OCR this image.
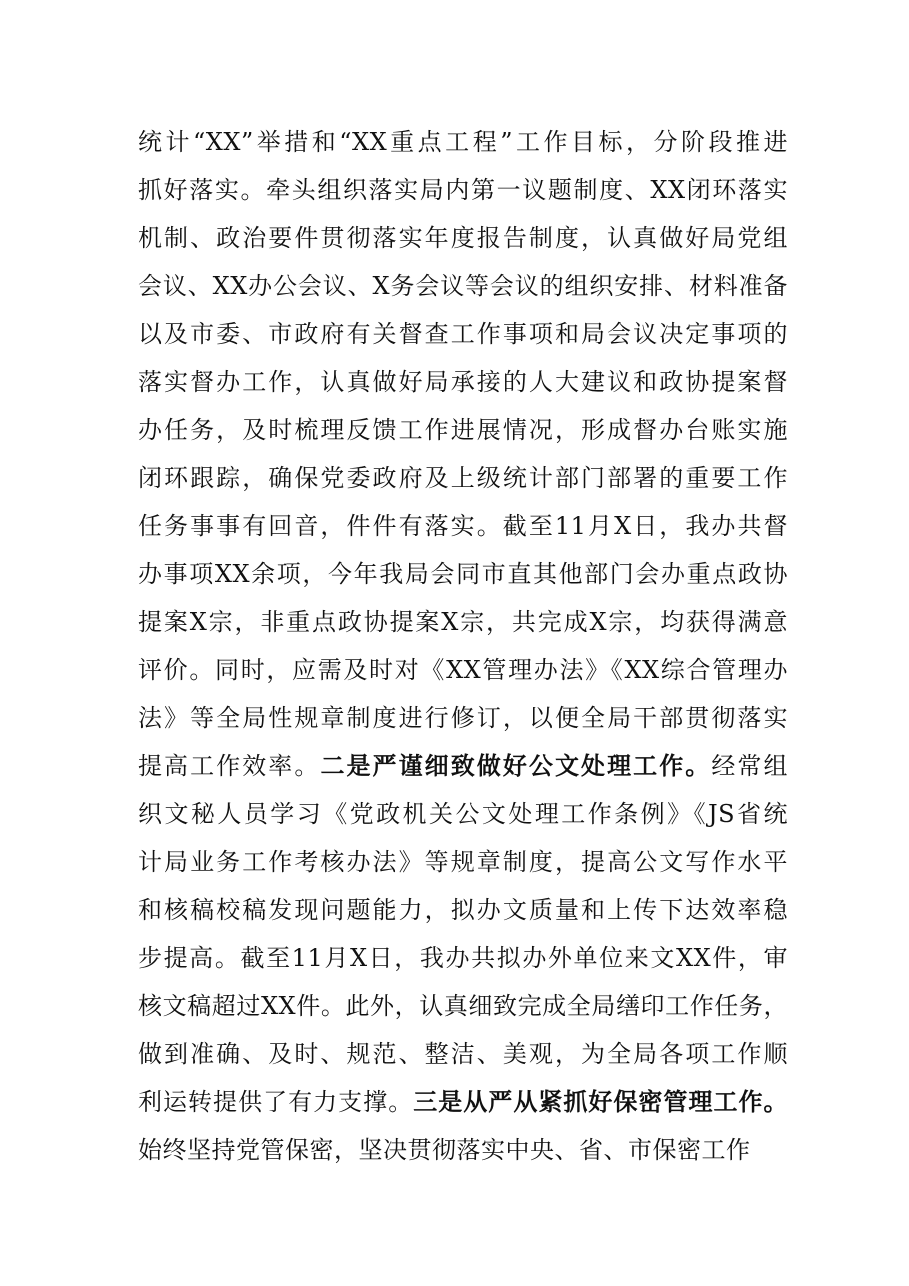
统计“XX”举措和“XX重点工程”工作目标，分阶段推进
抓好落实。牵头组织落实局内第一议题制度、XX闭环落实
机制、政治要件贯彻落实年度报告制度，认真做好局党组
会议、XX办公会议、X务会议等会议的组织安排、材料准备
以及市委、市政府有关督查工作事项和局会议决定事项的
落实督办工作，认真做好局承接的人大建议和政协提案督
办任务，及时梳理反馈工作进展情况，形成督办台账实施
闭环跟踪，确保党委政府及上级统计部门部署的重要工作
任务事事有回音，件件有落实。截至11月X日，我办共督
办事项XX余项，今年我局会同市直其他部门会办重点政协
提案X宗，非重点政协提案X宗，共完成X宗，均获得满意
评价。同时，应需及时对《XX管理办法》《XX综合管理办
法》等全局性规章制度进行修订，以便全局干部贯彻落实
提高工作效率。二是严谨细致做好公文处理工作。经常组
织文秘人员学习《党政机关公文处理工作条例》《JS省统
计局业务工作考核办法》等规章制度，提高公文写作水平
和核稿校稿发现问题能力，拟办文质量和上传下达效率稳
步提高。截至11月X日，我办共拟办外单位来文XX件，审
核文稿超过XX件。此外，认真细致完成全局缮印工作任务，
做到准确、及时、规范、整洁、美观，为全局各项工作顺
利运转提供了有力支撑。三是从严从紧抓好保密管理工作。
始终坚持党管保密，坚决贯彻落实中央、省、市保密工作
